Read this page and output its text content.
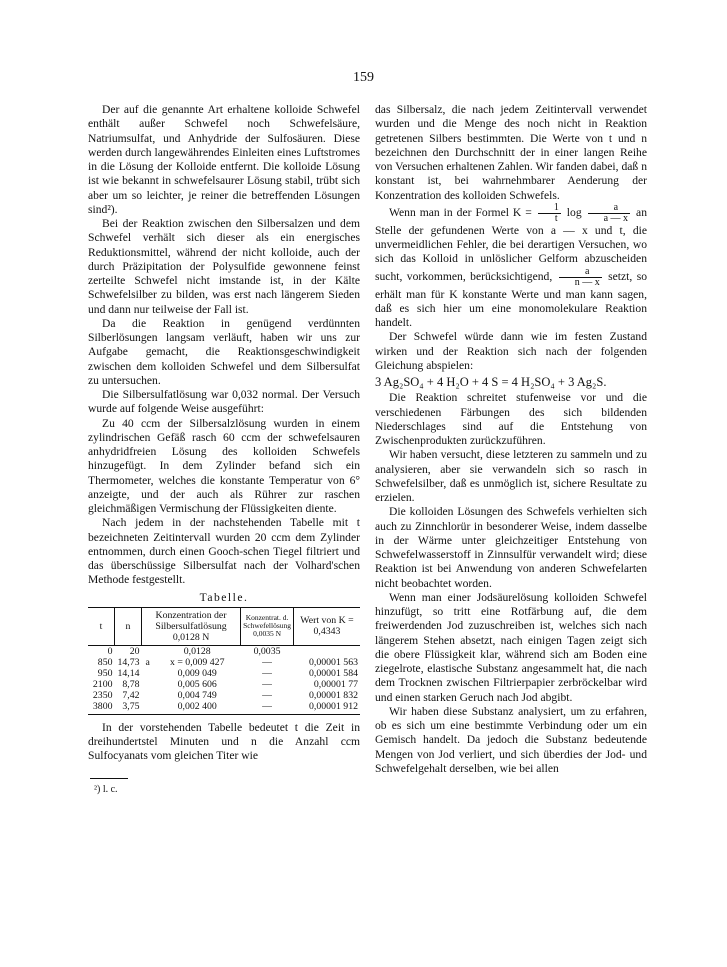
159

Der auf die genannte Art erhaltene kolloide Schwefel enthält außer Schwefel noch Schwefelsäure, Natriumsulfat, und Anhydride der Sulfosäuren. Diese werden durch langewährendes Einleiten eines Luftstromes in die Lösung der Kolloide entfernt. Die kolloide Lösung ist wie bekannt in schwefelsaurer Lösung stabil, trübt sich aber um so leichter, je reiner die betreffenden Lösungen sind²).

Bei der Reaktion zwischen den Silbersalzen und dem Schwefel verhält sich dieser als ein energisches Reduktionsmittel, während der nicht kolloide, auch der durch Präzipitation der Polysulfide gewonnene feinst zerteilte Schwefel nicht imstande ist, in der Kälte Schwefelsilber zu bilden, was erst nach längerem Sieden und dann nur teilweise der Fall ist.

Da die Reaktion in genügend verdünnten Silberlösungen langsam verläuft, haben wir uns zur Aufgabe gemacht, die Reaktionsgeschwindigkeit zwischen dem kolloiden Schwefel und dem Silbersulfat zu untersuchen.

Die Silbersulfatlösung war 0,032 normal. Der Versuch wurde auf folgende Weise ausgeführt:

Zu 40 ccm der Silbersalzlösung wurden in einem zylindrischen Gefäß rasch 60 ccm der schwefelsauren anhydridfreien Lösung des kolloiden Schwefels hinzugefügt. In dem Zylinder befand sich ein Thermometer, welches die konstante Temperatur von 6° anzeigte, und der auch als Rührer zur raschen gleichmäßigen Vermischung der Flüssigkeiten diente.

Nach jedem in der nachstehenden Tabelle mit t bezeichneten Zeitintervall wurden 20 ccm dem Zylinder entnommen, durch einen Gooch-schen Tiegel filtriert und das überschüssige Silbersulfat nach der Volhard'schen Methode festgestellt.

Tabelle.

t	n	Konzentration der Silbersulfatlösung 0,0128 N		Konzentrat. d. Schwefellösung 0,0035 N	Wert von K = 0,4343
0	20		0,0128	0,0035	
850	14,73	a	x = 0,009 427	—	0,00001 563
950	14,14		0,009 049	—	0,00001 584
2100	8,78		0,005 606	—	0,00001 77
2350	7,42		0,004 749	—	0,00001 832
3800	3,75		0,002 400	—	0,00001 912

In der vorstehenden Tabelle bedeutet t die Zeit in dreihundertstel Minuten und n die Anzahl ccm Sulfocyanats vom gleichen Titer wie

²) l. c.

das Silbersalz, die nach jedem Zeitintervall verwendet wurden und die Menge des noch nicht in Reaktion getretenen Silbers bestimmten. Die Werte von t und n bezeichnen den Durchschnitt der in einer langen Reihe von Versuchen erhaltenen Zahlen. Wir fanden dabei, daß n konstant ist, bei wahrnehmbarer Aenderung der Konzentration des kolloiden Schwefels.

Wenn man in der Formel $K = \frac{1}{t}$ $\log \frac{a}{a — x}$ an Stelle der gefundenen Werte von a — x und t, die unvermeidlichen Fehler, die bei derartigen Versuchen, wo sich das Kolloid in unlöslicher Gelform abzuscheiden sucht, vorkommen, berücksichtigend, $\frac{a}{n — x}$ setzt, so erhält man für K konstante Werte und man kann sagen, daß es sich hier um eine monomolekulare Reaktion handelt.

Der Schwefel würde dann wie im festen Zustand wirken und der Reaktion sich nach der folgenden Gleichung abspielen:

3 Ag₂SO₄ + 4 H₂O + 4 S = 4 H₂SO₄ + 3 Ag₂S.

Die Reaktion schreitet stufenweise vor und die verschiedenen Färbungen des sich bildenden Niederschlages sind auf die Entstehung von Zwischenprodukten zurückzuführen.

Wir haben versucht, diese letzteren zu sammeln und zu analysieren, aber sie verwandeln sich so rasch in Schwefelsilber, daß es unmöglich ist, sichere Resultate zu erzielen.

Die kolloiden Lösungen des Schwefels verhielten sich auch zu Zinnchlorür in besonderer Weise, indem dasselbe in der Wärme unter gleichzeitiger Entstehung von Schwefelwasserstoff in Zinnsulfür verwandelt wird; diese Reaktion ist bei Anwendung von anderen Schwefelarten nicht beobachtet worden.

Wenn man einer Jodsäurelösung kolloiden Schwefel hinzufügt, so tritt eine Rotfärbung auf, die dem freiwerdenden Jod zuzuschreiben ist, welches sich nach längerem Stehen absetzt, nach einigen Tagen zeigt sich die obere Flüssigkeit klar, während sich am Boden eine ziegelrote, elastische Substanz angesammelt hat, die nach dem Trocknen zwischen Filtrierpapier zerbröckelbar wird und einen starken Geruch nach Jod abgibt.

Wir haben diese Substanz analysiert, um zu erfahren, ob es sich um eine bestimmte Verbindung oder um ein Gemisch handelt. Da jedoch die Substanz bedeutende Mengen von Jod verliert, und sich überdies der Jod- und Schwefelgehalt derselben, wie bei allen
